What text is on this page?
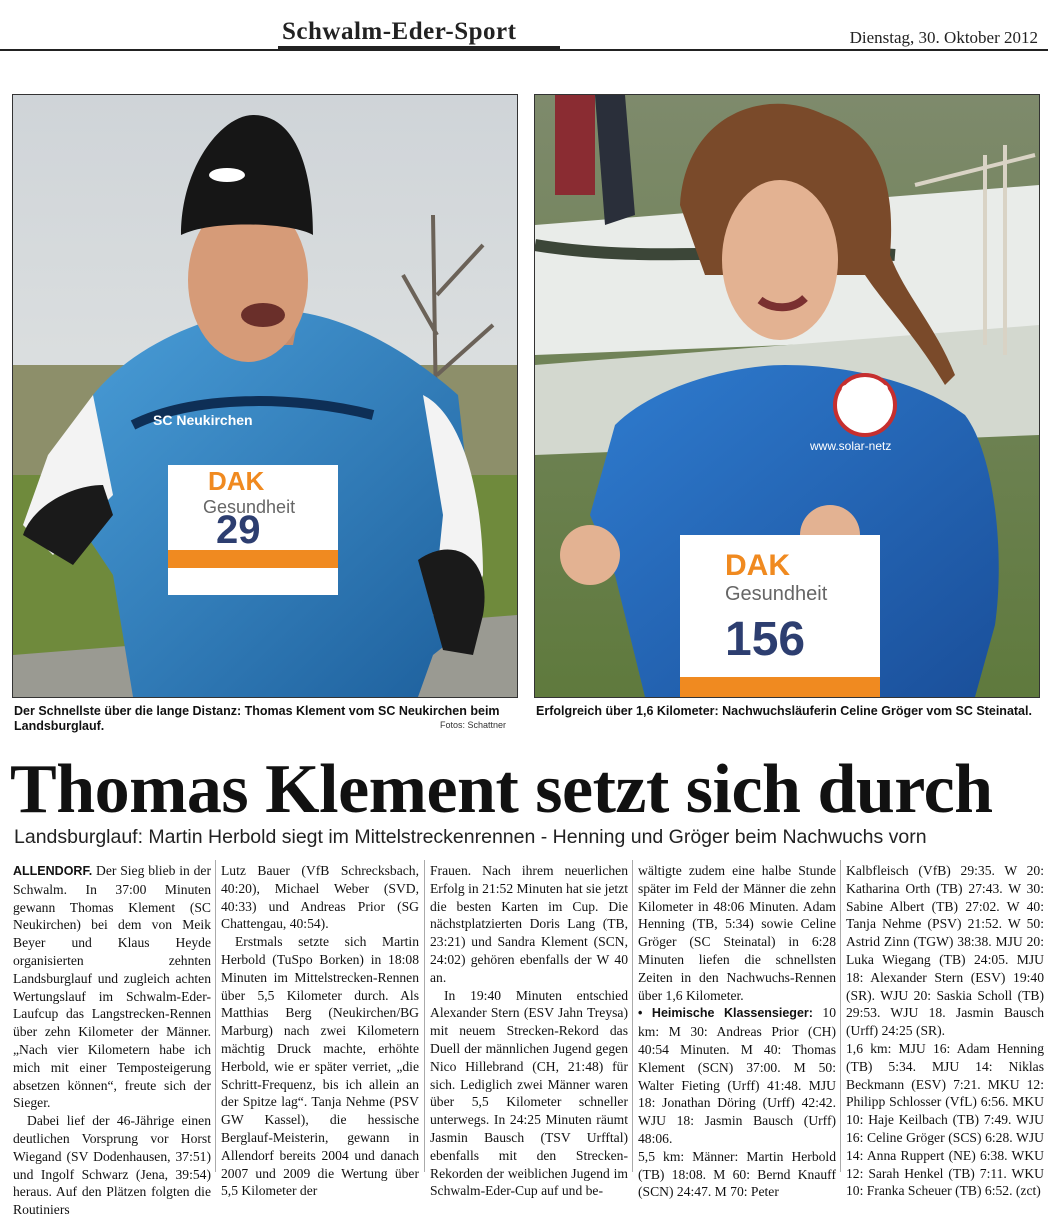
Schwalm-Eder-Sport	Dienstag, 30. Oktober 2012
DAK
Gesundheit
29
SC Neukirchen
erima
www.solar-netz
DAK
Gesundheit
156
Der Schnellste über die lange Distanz: Thomas Klement vom SC Neukirchen beim Landsburglauf.	Fotos: Schattner
Erfolgreich über 1,6 Kilometer: Nachwuchsläuferin Celine Gröger vom SC Steinatal.
Thomas Klement setzt sich durch
Landsburglauf: Martin Herbold siegt im Mittelstreckenrennen - Henning und Gröger beim Nachwuchs vorn

ALLENDORF. Der Sieg blieb in der Schwalm. In 37:00 Minuten gewann Thomas Klement (SC Neukirchen) bei dem von Meik Beyer und Klaus Heyde organisierten zehnten Landsburglauf und zugleich achten Wertungslauf im Schwalm-Eder-Laufcup das Langstrecken-Rennen über zehn Kilometer der Männer. „Nach vier Kilometern habe ich mich mit einer Temposteigerung absetzen können“, freute sich der Sieger.

Dabei lief der 46-Jährige einen deutlichen Vorsprung vor Horst Wiegand (SV Dodenhausen, 37:51) und Ingolf Schwarz (Jena, 39:54) heraus. Auf den Plätzen folgten die Routiniers

Lutz Bauer (VfB Schrecksbach, 40:20), Michael Weber (SVD, 40:33) und Andreas Prior (SG Chattengau, 40:54).

Erstmals setzte sich Martin Herbold (TuSpo Borken) in 18:08 Minuten im Mittelstrecken-Rennen über 5,5 Kilometer durch. Als Matthias Berg (Neukirchen/BG Marburg) nach zwei Kilometern mächtig Druck machte, erhöhte Herbold, wie er später verriet, „die Schritt-Frequenz, bis ich allein an der Spitze lag“. Tanja Nehme (PSV GW Kassel), die hessische Berglauf-Meisterin, gewann in Allendorf bereits 2004 und danach 2007 und 2009 die Wertung über 5,5 Kilometer der

Frauen. Nach ihrem neuerlichen Erfolg in 21:52 Minuten hat sie jetzt die besten Karten im Cup. Die nächstplatzierten Doris Lang (TB, 23:21) und Sandra Klement (SCN, 24:02) gehören ebenfalls der W 40 an.

In 19:40 Minuten entschied Alexander Stern (ESV Jahn Treysa) mit neuem Strecken-Rekord das Duell der männlichen Jugend gegen Nico Hillebrand (CH, 21:48) für sich. Lediglich zwei Männer waren über 5,5 Kilometer schneller unterwegs. In 24:25 Minuten räumt Jasmin Bausch (TSV Urfftal) ebenfalls mit den Strecken-Rekorden der weiblichen Jugend im Schwalm-Eder-Cup auf und be-

wältigte zudem eine halbe Stunde später im Feld der Männer die zehn Kilometer in 48:06 Minuten. Adam Henning (TB, 5:34) sowie Celine Gröger (SC Steinatal) in 6:28 Minuten liefen die schnellsten Zeiten in den Nachwuchs-Rennen über 1,6 Kilometer.

• Heimische Klassensieger: 10 km: M 30: Andreas Prior (CH) 40:54 Minuten. M 40: Thomas Klement (SCN) 37:00. M 50: Walter Fieting (Urff) 41:48. MJU 18: Jonathan Döring (Urff) 42:42. WJU 18: Jasmin Bausch (Urff) 48:06.

5,5 km: Männer: Martin Herbold (TB) 18:08. M 60: Bernd Knauff (SCN) 24:47. M 70: Peter

Kalbfleisch (VfB) 29:35. W 20: Katharina Orth (TB) 27:43. W 30: Sabine Albert (TB) 27:02. W 40: Tanja Nehme (PSV) 21:52. W 50: Astrid Zinn (TGW) 38:38. MJU 20: Luka Wiegang (TB) 24:05. MJU 18: Alexander Stern (ESV) 19:40 (SR). WJU 20: Saskia Scholl (TB) 29:53. WJU 18. Jasmin Bausch (Urff) 24:25 (SR).

1,6 km: MJU 16: Adam Henning (TB) 5:34. MJU 14: Niklas Beckmann (ESV) 7:21. MKU 12: Philipp Schlosser (VfL) 6:56. MKU 10: Haje Keilbach (TB) 7:49. WJU 16: Celine Gröger (SCS) 6:28. WJU 14: Anna Ruppert (NE) 6:38. WKU 12: Sarah Henkel (TB) 7:11. WKU 10: Franka Scheuer (TB) 6:52. (zct)
